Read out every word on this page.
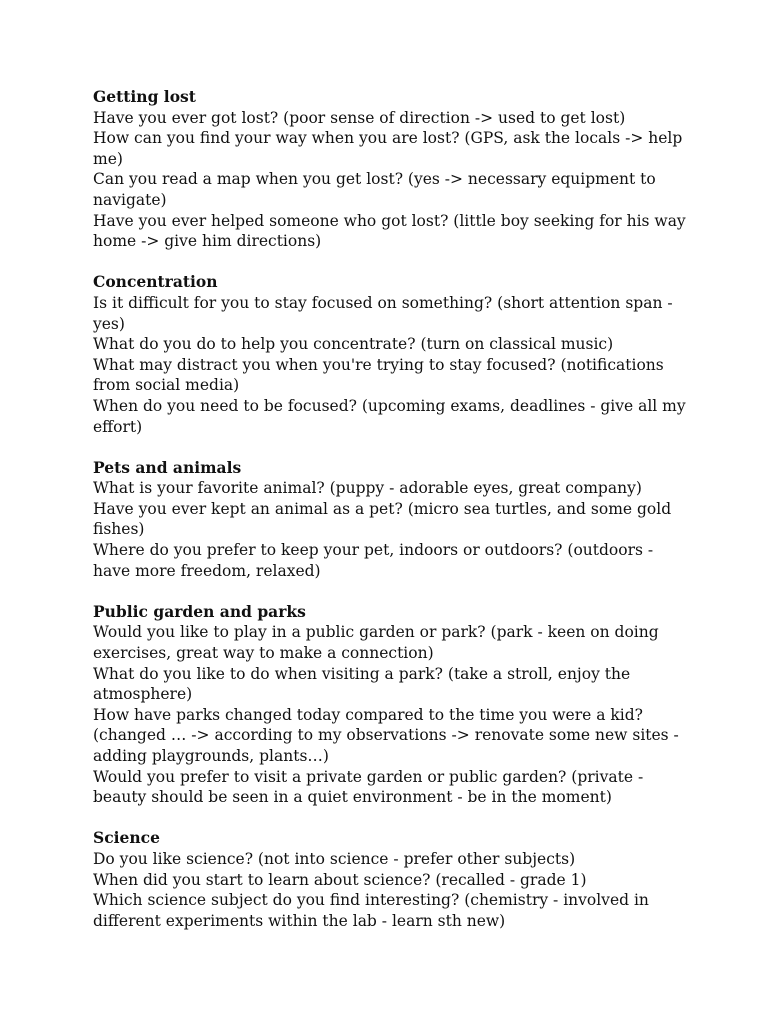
Getting lost

Have you ever got lost? (poor sense of direction -> used to get lost)

How can you find your way when you are lost? (GPS, ask the locals -> help me)

Can you read a map when you get lost? (yes -> necessary equipment to navigate)

Have you ever helped someone who got lost? (little boy seeking for his way home -> give him directions)

Concentration

Is it difficult for you to stay focused on something? (short attention span - yes)

What do you do to help you concentrate? (turn on classical music)

What may distract you when you're trying to stay focused? (notifications from social media)

When do you need to be focused? (upcoming exams, deadlines - give all my effort)

Pets and animals

What is your favorite animal? (puppy - adorable eyes, great company)

Have you ever kept an animal as a pet? (micro sea turtles, and some gold fishes)

Where do you prefer to keep your pet, indoors or outdoors? (outdoors - have more freedom, relaxed)

Public garden and parks

Would you like to play in a public garden or park? (park - keen on doing exercises, great way to make a connection)

What do you like to do when visiting a park? (take a stroll, enjoy the atmosphere)

How have parks changed today compared to the time you were a kid? (changed … -> according to my observations -> renovate some new sites - adding playgrounds, plants…)

Would you prefer to visit a private garden or public garden? (private - beauty should be seen in a quiet environment - be in the moment)

Science

Do you like science? (not into science - prefer other subjects)

When did you start to learn about science? (recalled - grade 1)

Which science subject do you find interesting? (chemistry - involved in different experiments within the lab - learn sth new)
